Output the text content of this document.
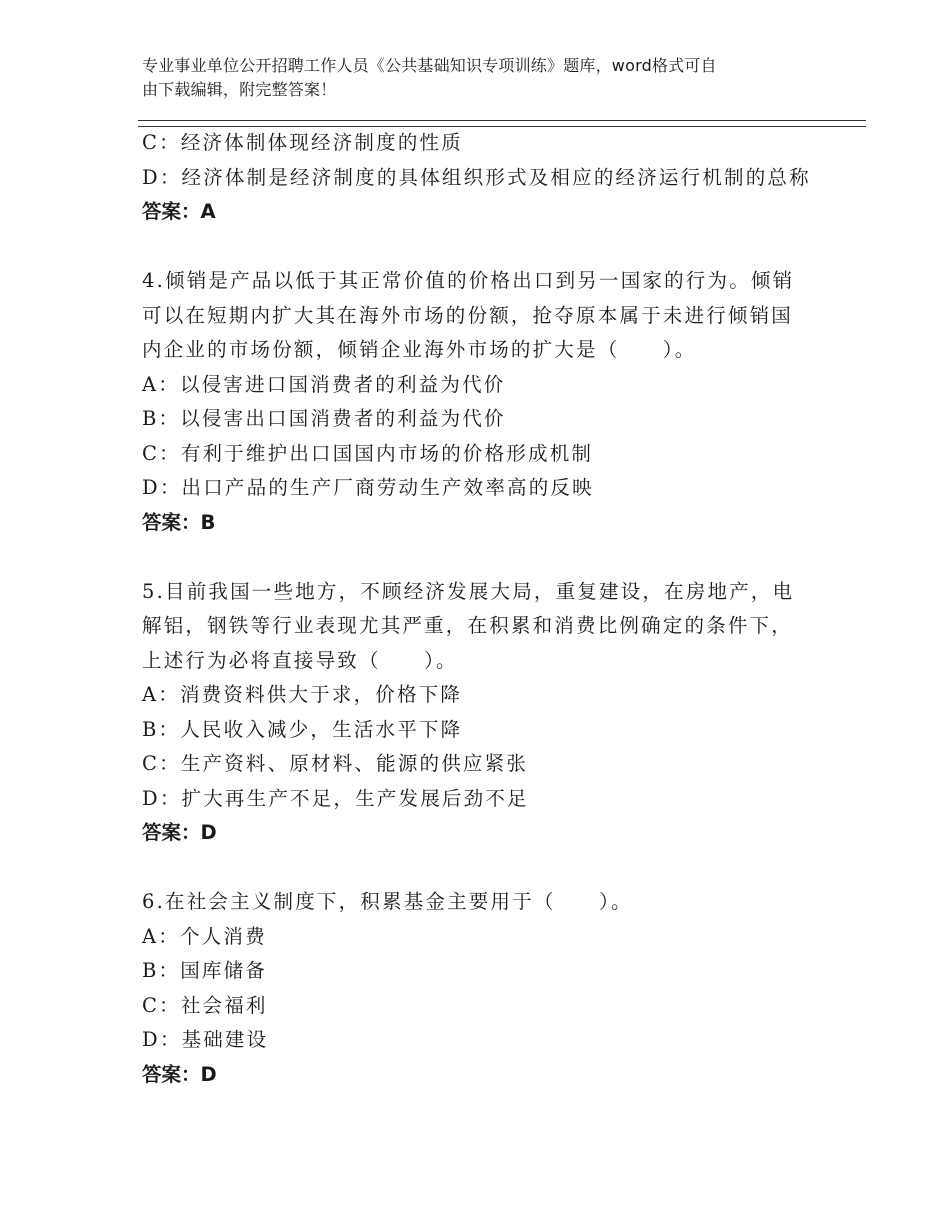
专业事业单位公开招聘工作人员《公共基础知识专项训练》题库，word格式可自
由下载编辑，附完整答案！
C：经济体制体现经济制度的性质
D：经济体制是经济制度的具体组织形式及相应的经济运行机制的总称
答案：A
4.倾销是产品以低于其正常价值的价格出口到另一国家的行为。倾销
可以在短期内扩大其在海外市场的份额，抢夺原本属于未进行倾销国
内企业的市场份额，倾销企业海外市场的扩大是（　　）。
A：以侵害进口国消费者的利益为代价
B：以侵害出口国消费者的利益为代价
C：有利于维护出口国国内市场的价格形成机制
D：出口产品的生产厂商劳动生产效率高的反映
答案：B
5.目前我国一些地方，不顾经济发展大局，重复建设，在房地产，电
解铝，钢铁等行业表现尤其严重，在积累和消费比例确定的条件下，
上述行为必将直接导致（　　）。
A：消费资料供大于求，价格下降
B：人民收入减少，生活水平下降
C：生产资料、原材料、能源的供应紧张
D：扩大再生产不足，生产发展后劲不足
答案：D
6.在社会主义制度下，积累基金主要用于（　　）。
A：个人消费
B：国库储备
C：社会福利
D：基础建设
答案：D
